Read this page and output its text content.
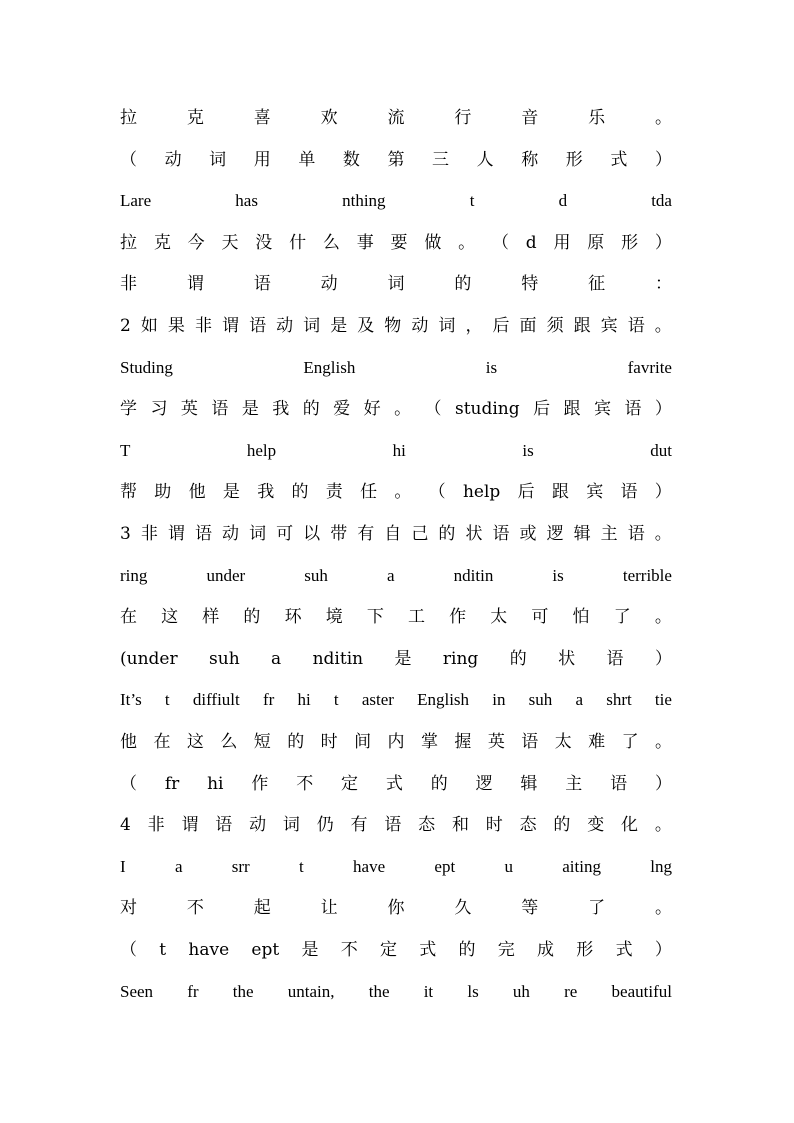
拉	克	喜	欢	流	行	音	乐	。
（ 动 词 用 单 数 第 三 人 称 形 式 ）
Lare	has	nthing	t	d	tda
拉 克 今 天 没 什 么 事 要 做 。 （ d 用 原 形 ）
非	谓	语	动	词	的	特	征	：
2 如 果 非 谓 语 动 词 是 及 物 动 词 ， 后 面 须 跟 宾 语 。
Studing	English	is	favrite
学 习 英 语 是 我 的 爱 好 。 （ studing 后 跟 宾 语 ）
T	help	hi	is	dut
帮 助 他 是 我 的 责 任 。 （ help 后 跟 宾 语 ）
3 非 谓 语 动 词 可 以 带 有 自 己 的 状 语 或 逻 辑 主 语 。
ring	under	suh	a	nditin	is	terrible
在 这 样 的 环 境 下 工 作 太 可 怕 了 。
(under suh a nditin 是 ring 的 状 语 ）
It’s t diffiult fr hi t aster English in suh a shrt tie
他 在 这 么 短 的 时 间 内 掌 握 英 语 太 难 了 。
（ fr hi 作 不 定 式 的 逻 辑 主 语 ）
4 非 谓 语 动 词 仍 有 语 态 和 时 态 的 变 化 。
I	a	srr	t	have	ept	u	aiting	lng
对	不	起	让	你	久	等	了	。
（ t have ept 是 不 定 式 的 完 成 形 式 ）
Seen fr the untain, the it ls uh re beautiful
